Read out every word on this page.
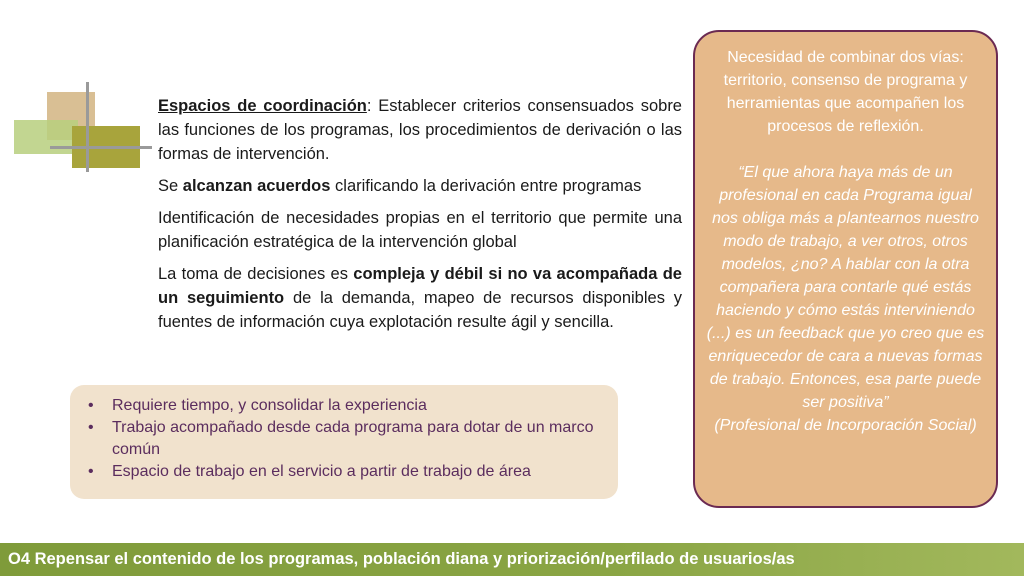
Espacios de coordinación: Establecer criterios consensuados sobre las funciones de los programas, los procedimientos de derivación o las formas de intervención.

Se alcanzan acuerdos clarificando la derivación entre programas

Identificación de necesidades propias en el territorio que permite una planificación estratégica de la intervención global

La toma de decisiones es compleja y débil si no va acompañada de un seguimiento de la demanda, mapeo de recursos disponibles y fuentes de información cuya explotación resulte ágil y sencilla.

•	Requiere tiempo, y consolidar la experiencia
•	Trabajo acompañado desde cada programa para dotar de un marco común
•	Espacio de trabajo en el servicio a partir de trabajo de área

Necesidad de combinar dos vías: territorio, consenso de programa y herramientas que acompañen los procesos de reflexión.

“El que ahora haya más de un profesional en cada Programa igual nos obliga más a plantearnos nuestro modo de trabajo, a ver otros, otros modelos, ¿no? A hablar con la otra compañera para contarle qué estás haciendo y cómo estás interviniendo (...) es un feedback que yo creo que es enriquecedor de cara a nuevas formas de trabajo. Entonces, esa parte puede ser positiva”

(Profesional de Incorporación Social)

O4 Repensar el contenido de los programas, población diana y priorización/perfilado de usuarios/as
